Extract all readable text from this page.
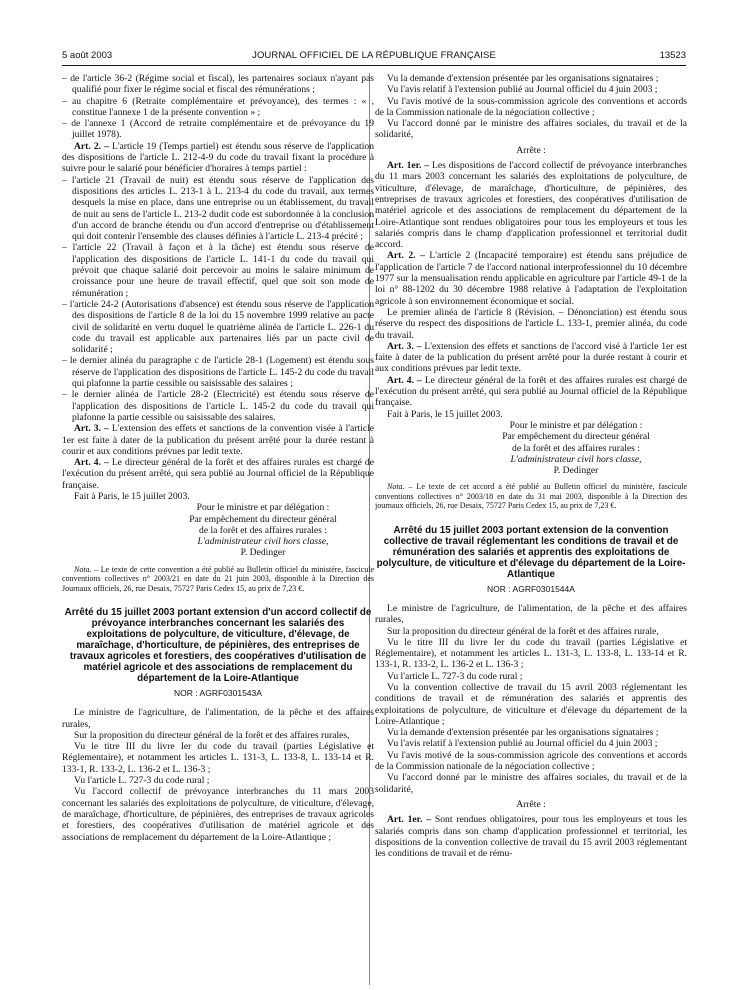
5 août 2003	JOURNAL OFFICIEL DE LA RÉPUBLIQUE FRANÇAISE	13523

– de l'article 36-2 (Régime social et fiscal), les partenaires sociaux n'ayant pas qualifié pour fixer le régime social et fiscal des rémunérations ;

– au chapitre 6 (Retraite complémentaire et prévoyance), des termes : « , constitue l'annexe 1 de la présente convention » ;

– de l'annexe 1 (Accord de retraite complémentaire et de prévoyance du 19 juillet 1978).

Art. 2. – L'article 19 (Temps partiel) est étendu sous réserve de l'application des dispositions de l'article L. 212-4-9 du code du travail fixant la procédure à suivre pour le salarié pour bénéficier d'horaires à temps partiel :

– l'article 21 (Travail de nuit) est étendu sous réserve de l'application des dispositions des articles L. 213-1 à L. 213-4 du code du travail, aux termes desquels la mise en place, dans une entreprise ou un établissement, du travail de nuit au sens de l'article L. 213-2 dudit code est subordonnée à la conclusion d'un accord de branche étendu ou d'un accord d'entreprise ou d'établissement qui doit contenir l'ensemble des clauses définies à l'article L. 213-4 précité ;

– l'article 22 (Travail à façon et à la tâche) est étendu sous réserve de l'application des dispositions de l'article L. 141-1 du code du travail qui prévoit que chaque salarié doit percevoir au moins le salaire minimum de croissance pour une heure de travail effectif, quel que soit son mode de rémunération ;

– l'article 24-2 (Autorisations d'absence) est étendu sous réserve de l'application des dispositions de l'article 8 de la loi du 15 novembre 1999 relative au pacte civil de solidarité en vertu duquel le quatrième alinéa de l'article L. 226-1 du code du travail est applicable aux partenaires liés par un pacte civil de solidarité ;

– le dernier alinéa du paragraphe c de l'article 28-1 (Logement) est étendu sous réserve de l'application des dispositions de l'article L. 145-2 du code du travail qui plafonne la partie cessible ou saisissable des salaires ;

– le dernier alinéa de l'article 28-2 (Electricité) est étendu sous réserve de l'application des dispositions de l'article L. 145-2 du code du travail qui plafonne la partie cessible ou saisissable des salaires.

Art. 3. – L'extension des effets et sanctions de la convention visée à l'article 1er est faite à dater de la publication du présent arrêté pour la durée restant à courir et aux conditions prévues par ledit texte.

Art. 4. – Le directeur général de la forêt et des affaires rurales est chargé de l'exécution du présent arrêté, qui sera publié au Journal officiel de la République française.

Fait à Paris, le 15 juillet 2003.

Pour le ministre et par délégation :

Par empêchement du directeur général

de la forêt et des affaires rurales :

L'administrateur civil hors classe,

P. Dedinger

Nota. – Le texte de cette convention a été publié au Bulletin officiel du ministère, fascicule conventions collectives n° 2003/21 en date du 21 juin 2003, disponible à la Direction des Journaux officiels, 26, rue Desaix, 75727 Paris Cedex 15, au prix de 7,23 €.

Arrêté du 15 juillet 2003 portant extension d'un accord collectif de prévoyance interbranches concernant les salariés des exploitations de polyculture, de viticulture, d'élevage, de maraîchage, d'horticulture, de pépinières, des entreprises de travaux agricoles et forestiers, des coopératives d'utilisation de matériel agricole et des associations de remplacement du département de la Loire-Atlantique

NOR : AGRF0301543A

Le ministre de l'agriculture, de l'alimentation, de la pêche et des affaires rurales,

Sur la proposition du directeur général de la forêt et des affaires rurales,

Vu le titre III du livre Ier du code du travail (parties Législative et Réglementaire), et notamment les articles L. 131-3, L. 133-8, L. 133-14 et R. 133-1, R. 133-2, L. 136-2 et L. 136-3 ;

Vu l'article L. 727-3 du code rural ;

Vu l'accord collectif de prévoyance interbranches du 11 mars 2003 concernant les salariés des exploitations de polyculture, de viticulture, d'élevage, de maraîchage, d'horticulture, de pépinières, des entreprises de travaux agricoles et forestiers, des coopératives d'utilisation de matériel agricole et des associations de remplacement du département de la Loire-Atlantique ;

Vu la demande d'extension présentée par les organisations signataires ;

Vu l'avis relatif à l'extension publié au Journal officiel du 4 juin 2003 ;

Vu l'avis motivé de la sous-commission agricole des conventions et accords de la Commission nationale de la négociation collective ;

Vu l'accord donné par le ministre des affaires sociales, du travail et de la solidarité,

Arrête :

Art. 1er. – Les dispositions de l'accord collectif de prévoyance interbranches du 11 mars 2003 concernant les salariés des exploitations de polyculture, de viticulture, d'élevage, de maraîchage, d'horticulture, de pépinières, des entreprises de travaux agricoles et forestiers, des coopératives d'utilisation de matériel agricole et des associations de remplacement du département de la Loire-Atlantique sont rendues obligatoires pour tous les employeurs et tous les salariés compris dans le champ d'application professionnel et territorial dudit accord.

Art. 2. – L'article 2 (Incapacité temporaire) est étendu sans préjudice de l'application de l'article 7 de l'accord national interprofessionnel du 10 décembre 1977 sur la mensualisation rendu applicable en agriculture par l'article 49-1 de la loi n° 88-1202 du 30 décembre 1988 relative à l'adaptation de l'exploitation agricole à son environnement économique et social.

Le premier alinéa de l'article 8 (Révision. – Dénonciation) est étendu sous réserve du respect des dispositions de l'article L. 133-1, premier alinéa, du code du travail.

Art. 3. – L'extension des effets et sanctions de l'accord visé à l'article 1er est faite à dater de la publication du présent arrêté pour la durée restant à courir et aux conditions prévues par ledit texte.

Art. 4. – Le directeur général de la forêt et des affaires rurales est chargé de l'exécution du présent arrêté, qui sera publié au Journal officiel de la République française.

Fait à Paris, le 15 juillet 2003.

Pour le ministre et par délégation :

Par empêchement du directeur général

de la forêt et des affaires rurales :

L'administrateur civil hors classe,

P. Dedinger

Nota. – Le texte de cet accord a été publié au Bulletin officiel du ministère, fascicule conventions collectives n° 2003/18 en date du 31 mai 2003, disponible à la Direction des journaux officiels, 26, rue Desaix, 75727 Paris Cedex 15, au prix de 7,23 €.

Arrêté du 15 juillet 2003 portant extension de la convention collective de travail réglementant les conditions de travail et de rémunération des salariés et apprentis des exploitations de polyculture, de viticulture et d'élevage du département de la Loire-Atlantique

NOR : AGRF0301544A

Le ministre de l'agriculture, de l'alimentation, de la pêche et des affaires rurales,

Sur la proposition du directeur général de la forêt et des affaires rurale,

Vu le titre III du livre Ier du code du travail (parties Législative et Réglementaire), et notamment les articles L. 131-3, L. 133-8, L. 133-14 et R. 133-1, R. 133-2, L. 136-2 et L. 136-3 ;

Vu l'article L. 727-3 du code rural ;

Vu la convention collective de travail du 15 avril 2003 réglementant les conditions de travail et de rémunération des salariés et apprentis des exploitations de polyculture, de viticulture et d'élevage du département de la Loire-Atlantique ;

Vu la demande d'extension présentée par les organisations signataires ;

Vu l'avis relatif à l'extension publié au Journal officiel du 4 juin 2003 ;

Vu l'avis motivé de la sous-commission agricole des conventions et accords de la Commission nationale de la négociation collective ;

Vu l'accord donné par le ministre des affaires sociales, du travail et de la solidarité,

Arrête :

Art. 1er. – Sont rendues obligatoires, pour tous les employeurs et tous les salariés compris dans son champ d'application professionnel et territorial, les dispositions de la convention collective de travail du 15 avril 2003 réglementant les conditions de travail et de rému-
